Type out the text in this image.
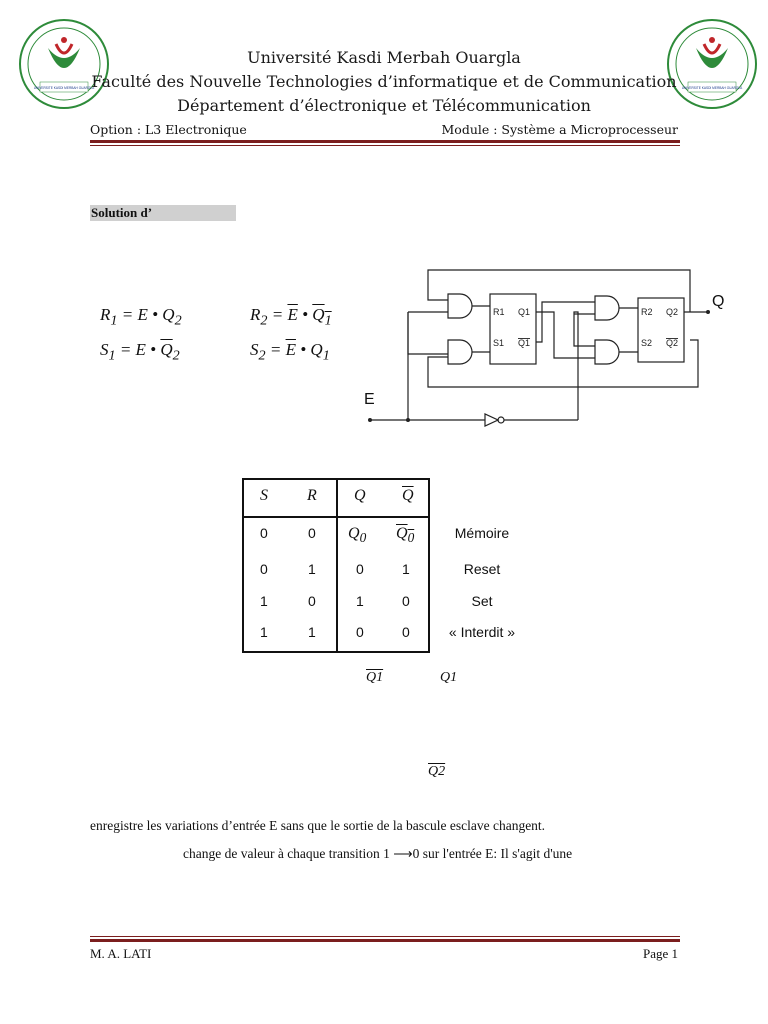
UNIVERSITE KASDI MERBAH OUARGLA	UNIVERSITE KASDI MERBAH OUARGLA
Université Kasdi Merbah Ouargla
Faculté des Nouvelle Technologies d’informatique et de Communication
Département d’électronique et Télécommunication
Option : L3 Electronique	Module : Système a Microprocesseur
Solution d’
$R_1 = E$ • $Q_2$
$S_1 = E$ • $\overline{Q}_2$
$R_2 = \overline{E}$ • $Q_1$
$S_2 = \overline{E}$ • $Q_1$
R1
S1
Q1
Q1
R2
S2
Q2
Q2
Q
E
S R Q $\overline{Q}$
0	0 $Q_0$ $Q_0$	Mémoire
0	1	0	1	Reset
1	0	1	0	Set
1	1	0	0	« Interdit »
Q1	Q1
Q2
enregistre les variations d’entrée E sans que le sortie de la bascule esclave changent.
change de valeur à chaque transition 1 ⟶0 sur l'entrée E: Il s'agit d'une
M. A. LATI	Page 1
